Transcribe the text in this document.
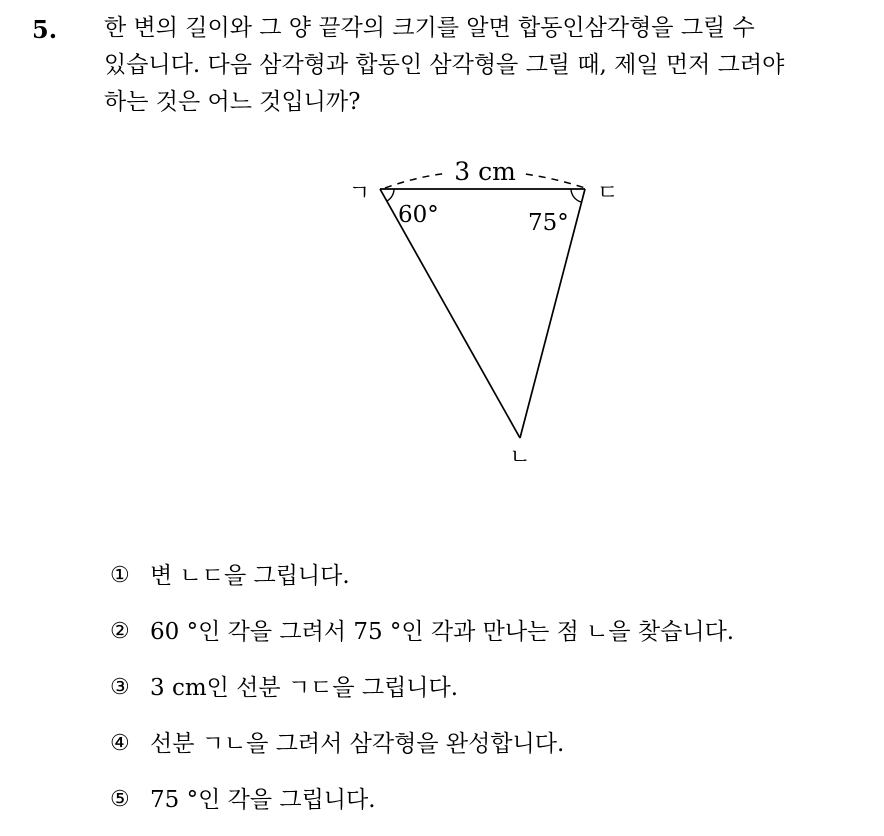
5. 한 변의 길이와 그 양 끝각의 크기를 알면 합동인삼각형을 그릴 수
있습니다. 다음 삼각형과 합동인 삼각형을 그릴 때, 제일 먼저 그려야
하는 것은 어느 것입니까?
3 cm
ㄱ	ㄷ
ㄴ
60°	75°
① 변 ㄴㄷ을 그립니다.
② 60 °인 각을 그려서 75 °인 각과 만나는 점 ㄴ을 찾습니다.
③ 3 cm인 선분 ㄱㄷ을 그립니다.
④ 선분 ㄱㄴ을 그려서 삼각형을 완성합니다.
⑤ 75 °인 각을 그립니다.
